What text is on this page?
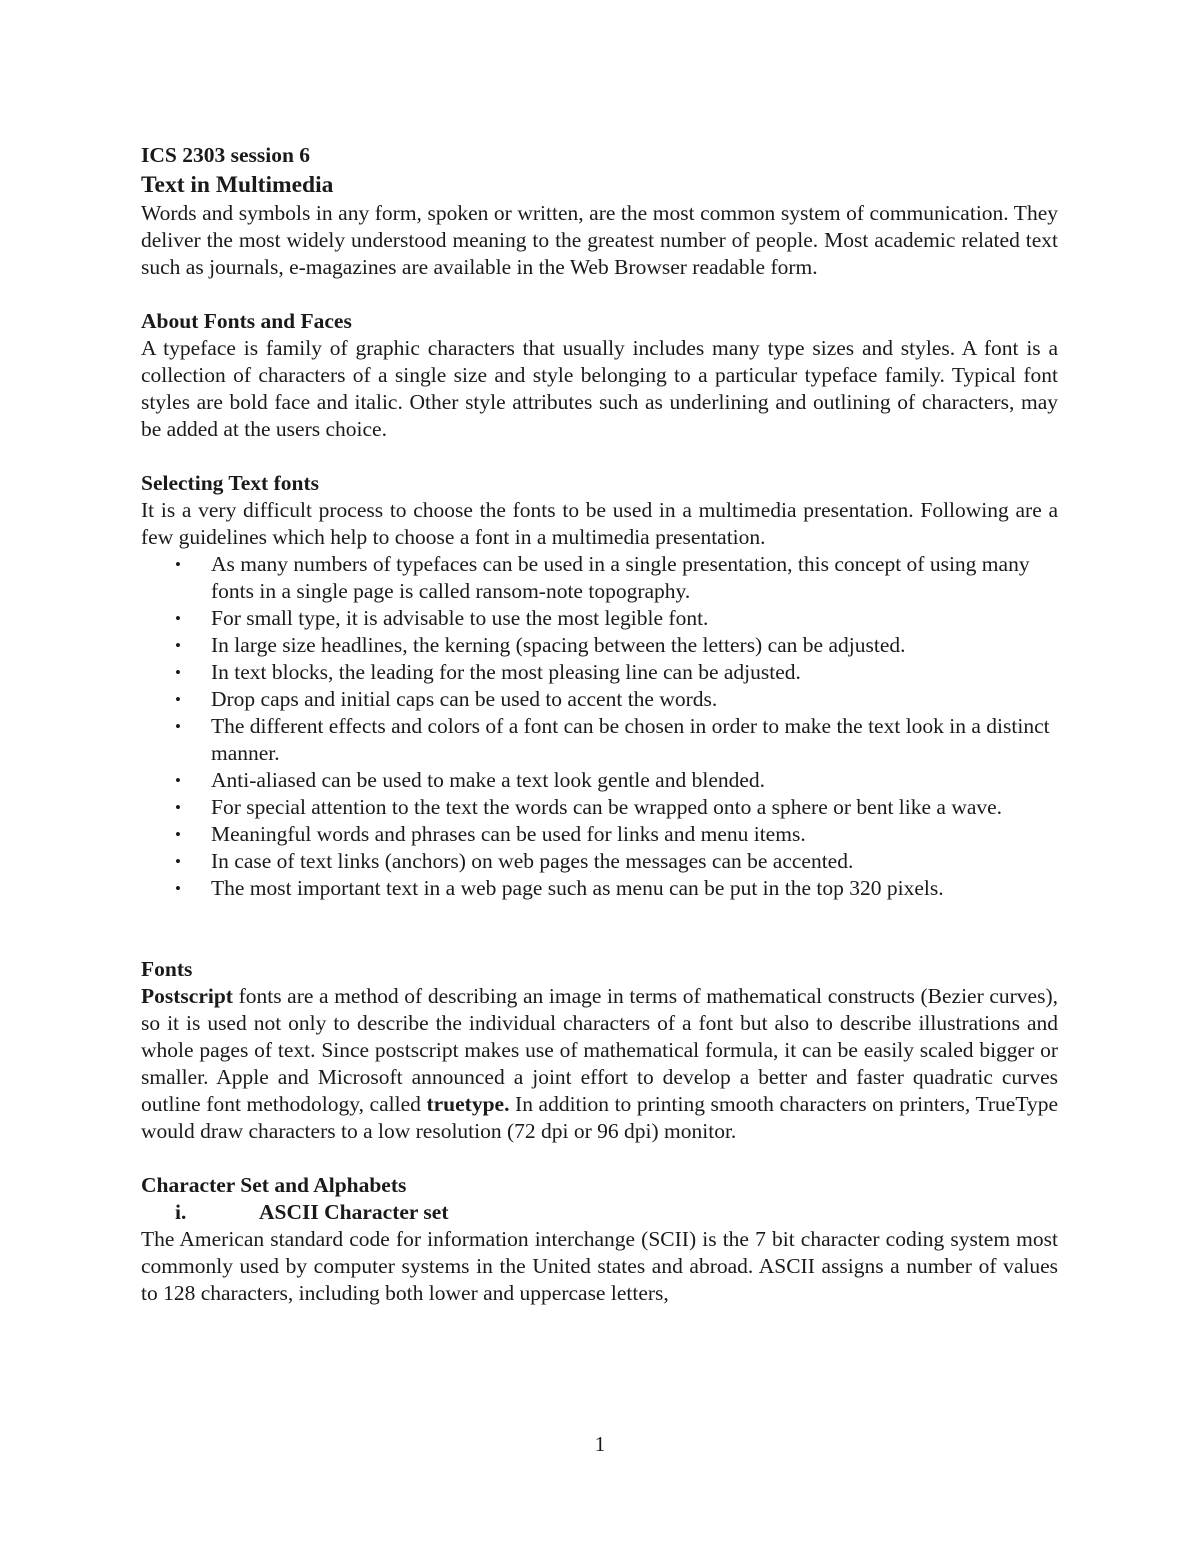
ICS 2303 session 6

Text in Multimedia

Words and symbols in any form, spoken or written, are the most common system of communication. They deliver the most widely understood meaning to the greatest number of people. Most academic related text such as journals, e-magazines are available in the Web Browser readable form.

About Fonts and Faces

A typeface is family of graphic characters that usually includes many type sizes and styles. A font is a collection of characters of a single size and style belonging to a particular typeface family. Typical font styles are bold face and italic. Other style attributes such as underlining and outlining of characters, may be added at the users choice.

Selecting Text fonts

It is a very difficult process to choose the fonts to be used in a multimedia presentation. Following are a few guidelines which help to choose a font in a multimedia presentation.

• As many numbers of typefaces can be used in a single presentation, this concept of using many fonts in a single page is called ransom-note topography.
• For small type, it is advisable to use the most legible font.
• In large size headlines, the kerning (spacing between the letters) can be adjusted.
• In text blocks, the leading for the most pleasing line can be adjusted.
• Drop caps and initial caps can be used to accent the words.
• The different effects and colors of a font can be chosen in order to make the text look in a distinct manner.
• Anti-aliased can be used to make a text look gentle and blended.
• For special attention to the text the words can be wrapped onto a sphere or bent like a wave.
• Meaningful words and phrases can be used for links and menu items.
• In case of text links (anchors) on web pages the messages can be accented.
• The most important text in a web page such as menu can be put in the top 320 pixels.

Fonts

Postscript fonts are a method of describing an image in terms of mathematical constructs (Bezier curves), so it is used not only to describe the individual characters of a font but also to describe illustrations and whole pages of text. Since postscript makes use of mathematical formula, it can be easily scaled bigger or smaller. Apple and Microsoft announced a joint effort to develop a better and faster quadratic curves outline font methodology, called truetype. In addition to printing smooth characters on printers, TrueType would draw characters to a low resolution (72 dpi or 96 dpi) monitor.

Character Set and Alphabets

i.	ASCII Character set

The American standard code for information interchange (SCII) is the 7 bit character coding system most commonly used by computer systems in the United states and abroad. ASCII assigns a number of values to 128 characters, including both lower and uppercase letters,

1
